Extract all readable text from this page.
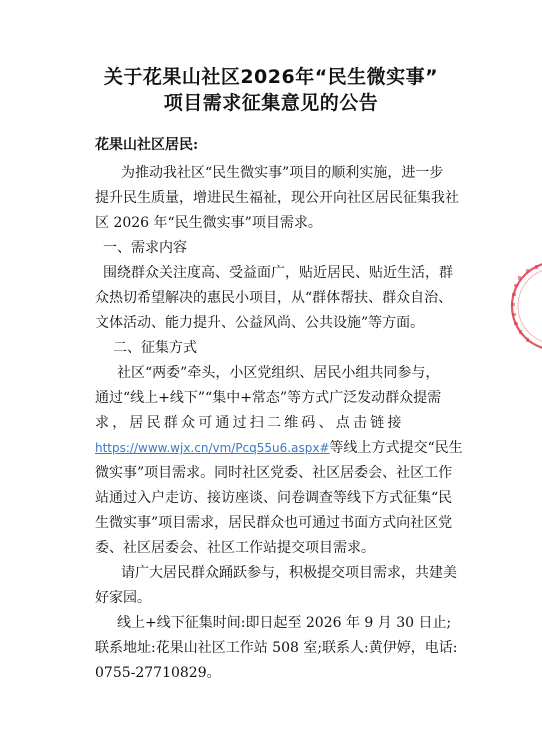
关于花果山社区2026年“民生微实事”
项目需求征集意见的公告
花果山社区居民:
为推动我社区“民生微实事”项目的顺利实施，进一步
提升民生质量，增进民生福祉，现公开向社区居民征集我社
区 2026 年“民生微实事”项目需求。
一、需求内容
围绕群众关注度高、受益面广，贴近居民、贴近生活，群
众热切希望解决的惠民小项目，从“群体帮扶、群众自治、
文体活动、能力提升、公益风尚、公共设施”等方面。
二、征集方式
社区“两委”牵头，小区党组织、居民小组共同参与，
通过“线上+线下”“集中+常态”等方式广泛发动群众提需
求，居民群众可通过扫二维码、点击链接
https://www.wjx.cn/vm/Pcq55u6.aspx#等线上方式提交“民生
微实事”项目需求。同时社区党委、社区居委会、社区工作
站通过入户走访、接访座谈、问卷调查等线下方式征集“民
生微实事”项目需求，居民群众也可通过书面方式向社区党
委、社区居委会、社区工作站提交项目需求。
请广大居民群众踊跃参与，积极提交项目需求，共建美
好家园。
线上+线下征集时间:即日起至 2026 年 9 月 30 日止;
联系地址:花果山社区工作站 508 室;联系人:黄伊婷，电话:
0755-27710829。
